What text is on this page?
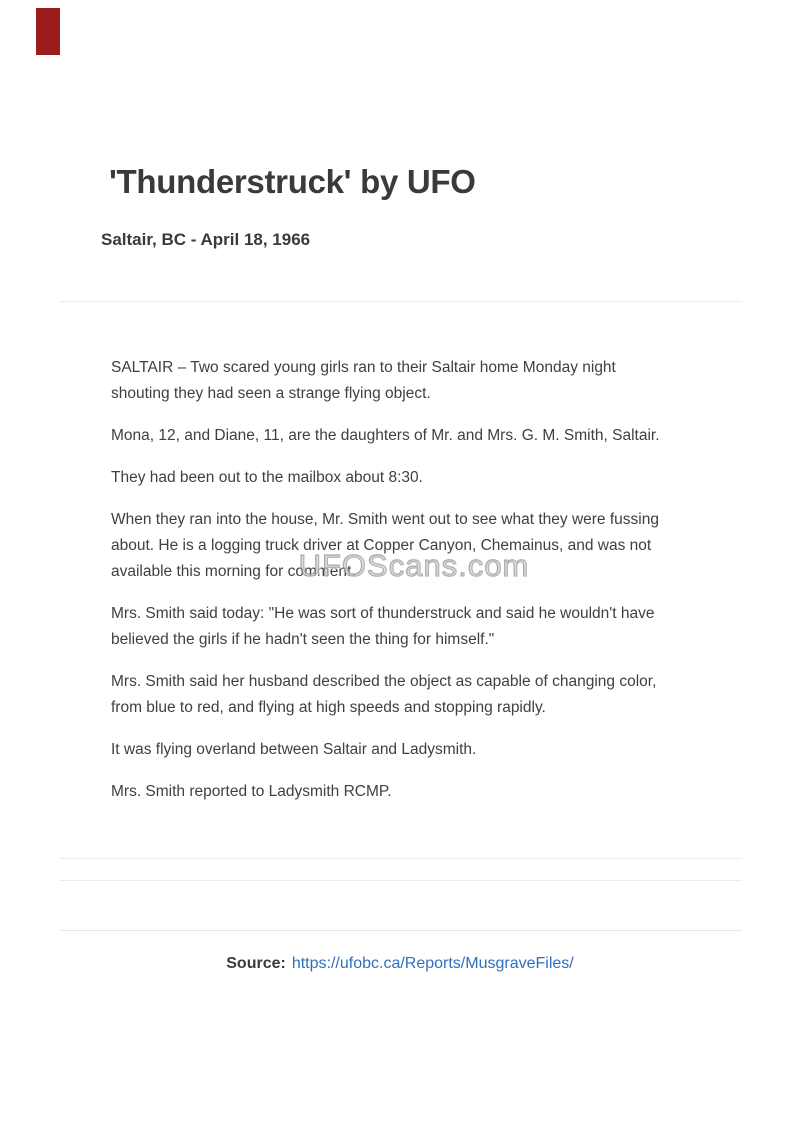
'Thunderstruck' by UFO
Saltair, BC - April 18, 1966

SALTAIR – Two scared young girls ran to their Saltair home Monday night
shouting they had seen a strange flying object.

Mona, 12, and Diane, 11, are the daughters of Mr. and Mrs. G. M. Smith, Saltair.

They had been out to the mailbox about 8:30.

When they ran into the house, Mr. Smith went out to see what they were fussing
about. He is a logging truck driver at Copper Canyon, Chemainus, and was not
available this morning for comment.

Mrs. Smith said today: "He was sort of thunderstruck and said he wouldn't have
believed the girls if he hadn't seen the thing for himself."

Mrs. Smith said her husband described the object as capable of changing color,
from blue to red, and flying at high speeds and stopping rapidly.

It was flying overland between Saltair and Ladysmith.

Mrs. Smith reported to Ladysmith RCMP.

UFOScans.com
Source: https://ufobc.ca/Reports/MusgraveFiles/
